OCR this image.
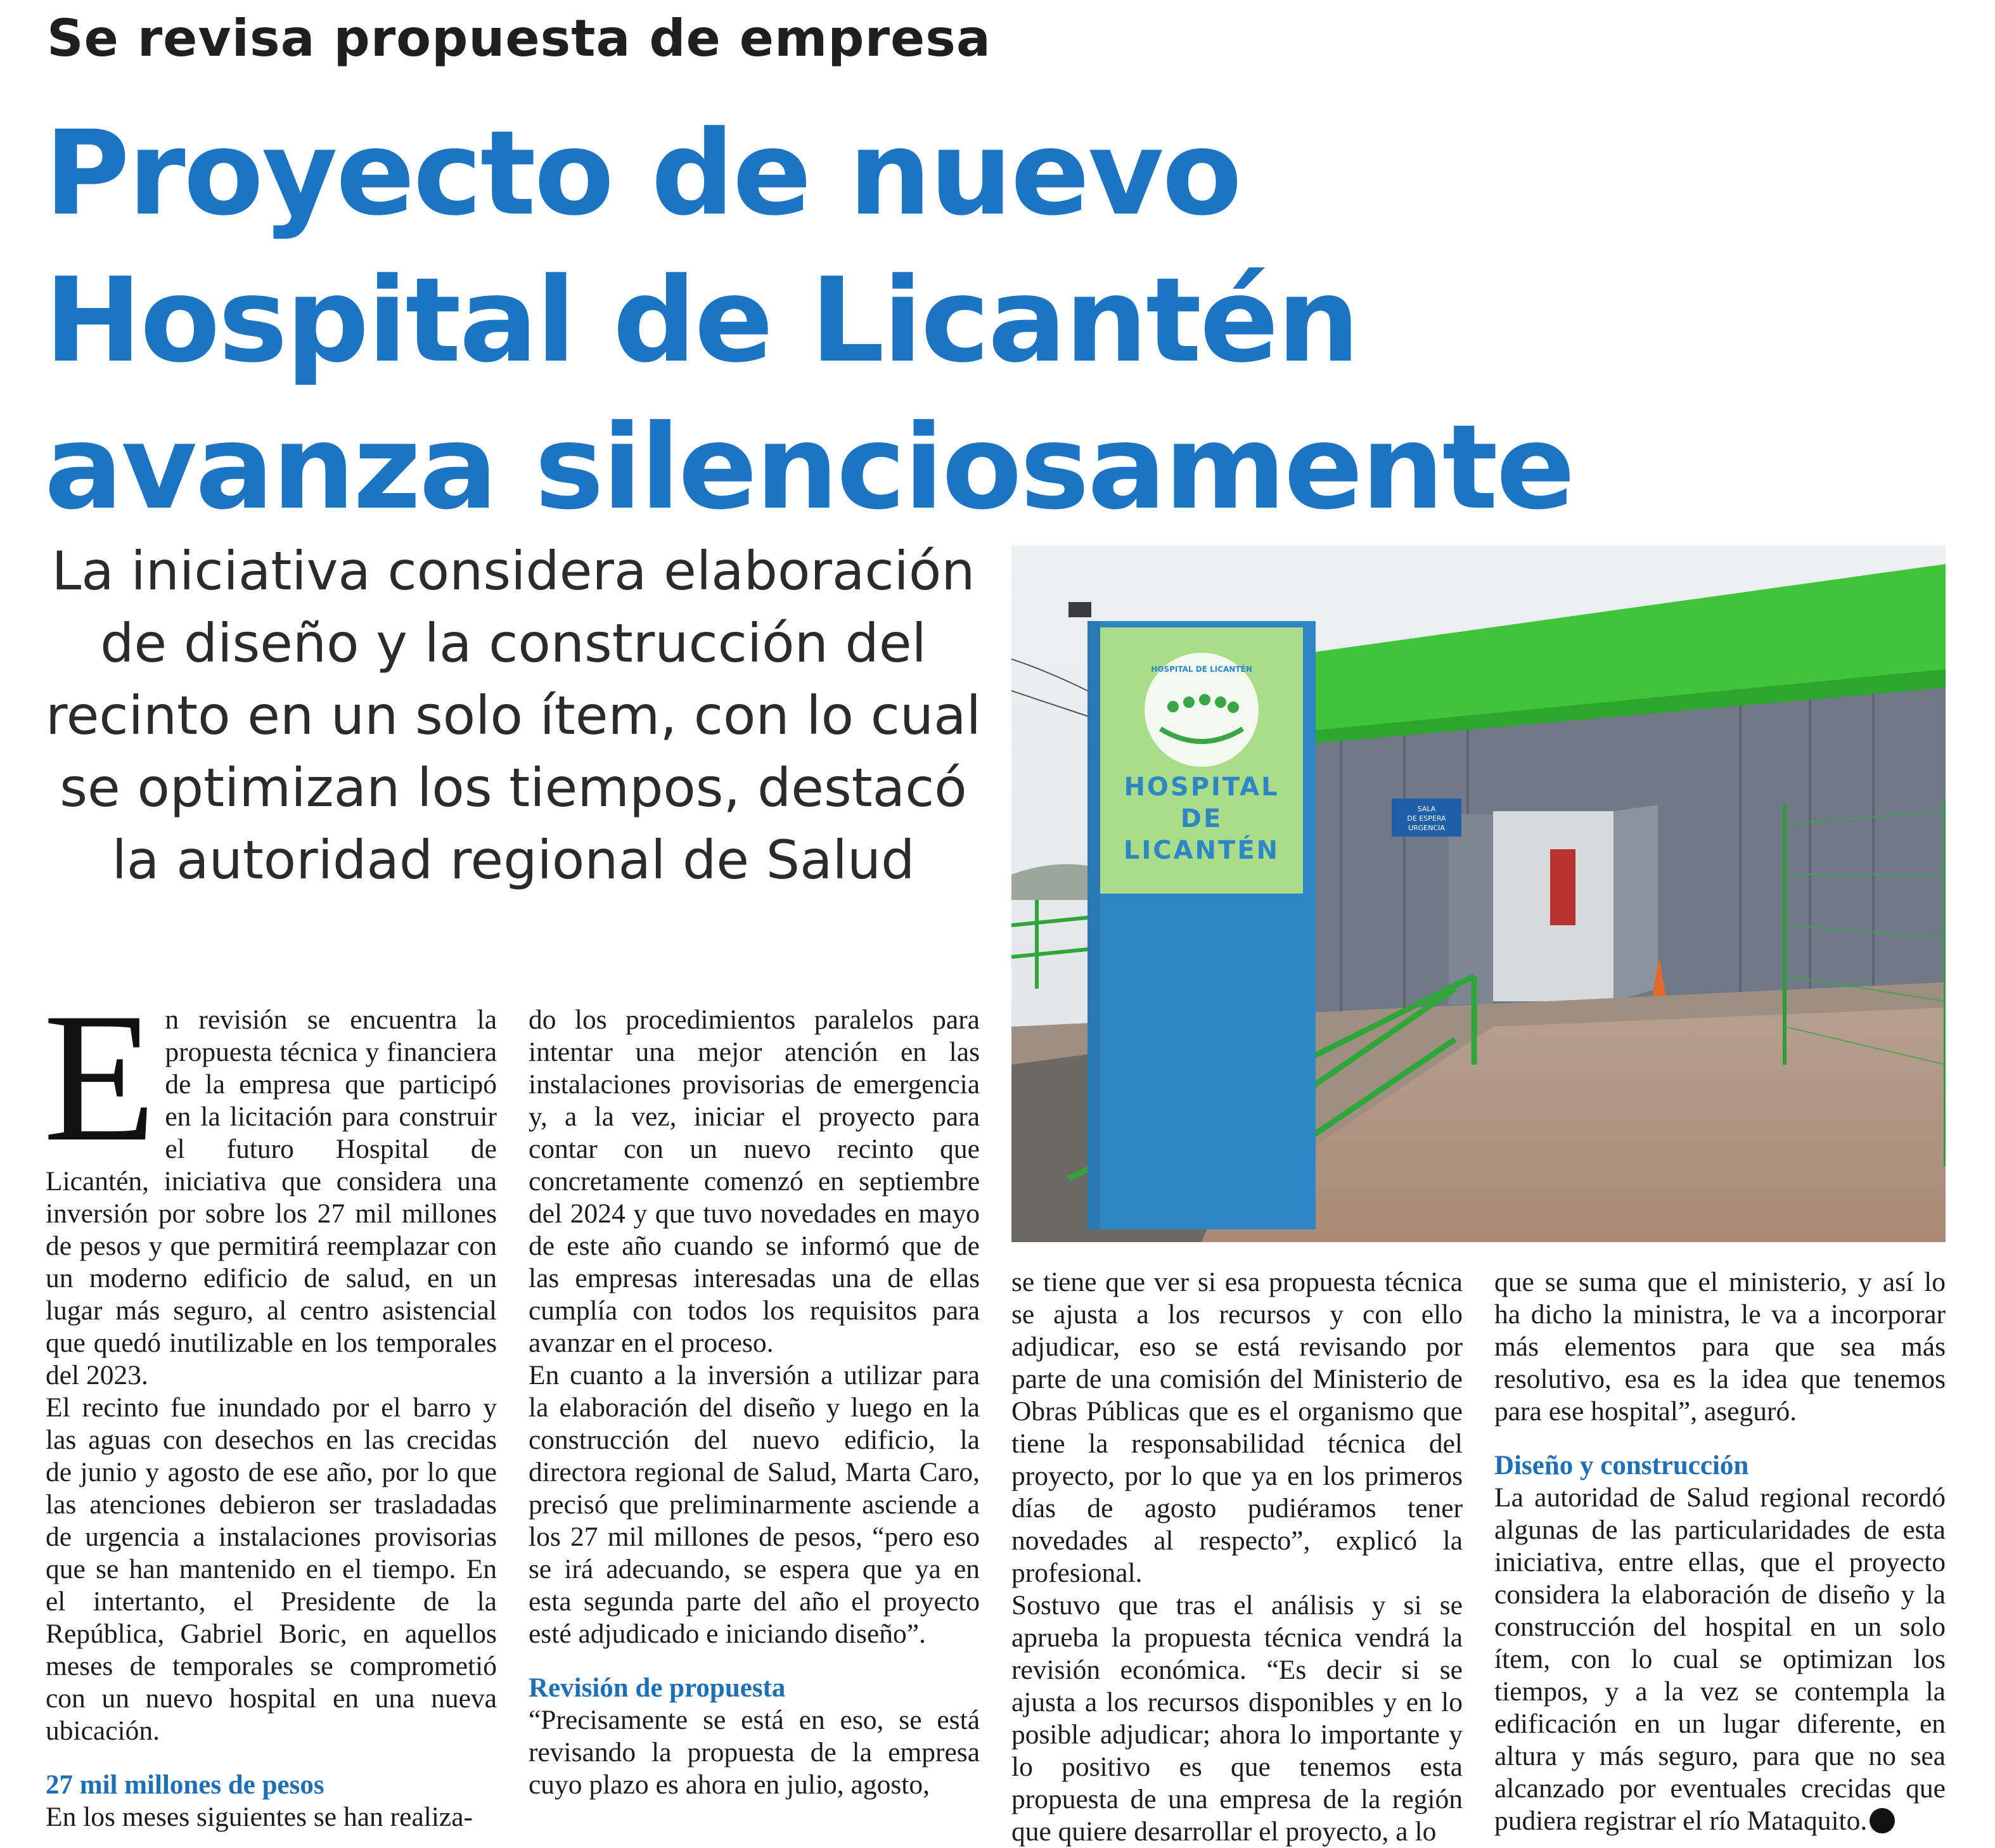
Se revisa propuesta de empresa
Proyecto de nuevo
Hospital de Licantén
avanza silenciosamente
La iniciativa considera elaboración
de diseño y la construcción del
recinto en un solo ítem, con lo cual
se optimizan los tiempos, destacó
la autoridad regional de Salud
SALA
DE ESPERA
URGENCIA
HOSPITAL DE LICANTÉN
HOSPITAL
DE
LICANTÉN
E n revisión se encuentra la propuesta técnica y financiera de la empresa que participó en la licitación para construir el futuro Hospital de Licantén, iniciativa que considera una inversión por sobre los 27 mil millones de pesos y que permitirá reemplazar con un moderno edificio de salud, en un lugar más seguro, al centro asistencial que quedó inutilizable en los temporales del 2023.

El recinto fue inundado por el barro y las aguas con desechos en las crecidas de junio y agosto de ese año, por lo que las atenciones debieron ser trasladadas de urgencia a instalaciones provisorias que se han mantenido en el tiempo. En el intertanto, el Presidente de la República, Gabriel Boric, en aquellos meses de temporales se comprometió con un nuevo hospital en una nueva ubicación.

27 mil millones de pesos

En los meses siguientes se han realiza-

do los procedimientos paralelos para intentar una mejor atención en las instalaciones provisorias de emergencia y, a la vez, iniciar el proyecto para contar con un nuevo recinto que concretamente comenzó en septiembre del 2024 y que tuvo novedades en mayo de este año cuando se informó que de las empresas interesadas una de ellas cumplía con todos los requisitos para avanzar en el proceso.

En cuanto a la inversión a utilizar para la elaboración del diseño y luego en la construcción del nuevo edificio, la directora regional de Salud, Marta Caro, precisó que preliminarmente asciende a los 27 mil millones de pesos, “pero eso se irá adecuando, se espera que ya en esta segunda parte del año el proyecto esté adjudicado e iniciando diseño”.

Revisión de propuesta

“Precisamente se está en eso, se está revisando la propuesta de la empresa cuyo plazo es ahora en julio, agosto,

se tiene que ver si esa propuesta técnica se ajusta a los recursos y con ello adjudicar, eso se está revisando por parte de una comisión del Ministerio de Obras Públicas que es el organismo que tiene la responsabilidad técnica del proyecto, por lo que ya en los primeros días de agosto pudiéramos tener novedades al respecto”, explicó la profesional.

Sostuvo que tras el análisis y si se aprueba la propuesta técnica vendrá la revisión económica. “Es decir si se ajusta a los recursos disponibles y en lo posible adjudicar; ahora lo importante y lo positivo es que tenemos esta propuesta de una empresa de la región que quiere desarrollar el proyecto, a lo

que se suma que el ministerio, y así lo ha dicho la ministra, le va a incorporar más elementos para que sea más resolutivo, esa es la idea que tenemos para ese hospital”, aseguró.

Diseño y construcción

La autoridad de Salud regional recordó algunas de las particularidades de esta iniciativa, entre ellas, que el proyecto considera la elaboración de diseño y la construcción del hospital en un solo ítem, con lo cual se optimizan los tiempos, y a la vez se contempla la edificación en un lugar diferente, en altura y más seguro, para que no sea alcanzado por eventuales crecidas que pudiera registrar el río Mataquito.
